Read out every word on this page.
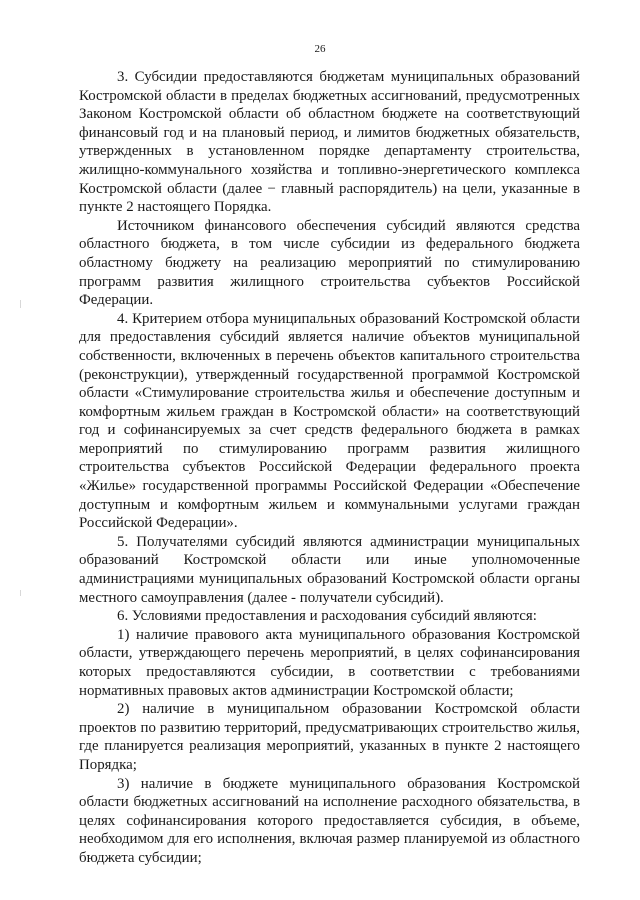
26

3. Субсидии предоставляются бюджетам муниципальных образований Костромской области в пределах бюджетных ассигнований, предусмотренных Законом Костромской области об областном бюджете на соответствующий финансовый год и на плановый период, и лимитов бюджетных обязательств, утвержденных в установленном порядке департаменту строительства, жилищно-коммунального хозяйства и топливно-энергетического комплекса Костромской области (далее − главный распорядитель) на цели, указанные в пункте 2 настоящего Порядка.

Источником финансового обеспечения субсидий являются средства областного бюджета, в том числе субсидии из федерального бюджета областному бюджету на реализацию мероприятий по стимулированию программ развития жилищного строительства субъектов Российской Федерации.

4. Критерием отбора муниципальных образований Костромской области для предоставления субсидий является наличие объектов муниципальной собственности, включенных в перечень объектов капитального строительства (реконструкции), утвержденный государственной программой Костромской области «Стимулирование строительства жилья и обеспечение доступным и комфортным жильем граждан в Костромской области» на соответствующий год и софинансируемых за счет средств федерального бюджета в рамках мероприятий по стимулированию программ развития жилищного строительства субъектов Российской Федерации федерального проекта «Жилье» государственной программы Российской Федерации «Обеспечение доступным и комфортным жильем и коммунальными услугами граждан Российской Федерации».

5. Получателями субсидий являются администрации муниципальных образований Костромской области или иные уполномоченные администрациями муниципальных образований Костромской области органы местного самоуправления (далее - получатели субсидий).

6. Условиями предоставления и расходования субсидий являются:

1) наличие правового акта муниципального образования Костромской области, утверждающего перечень мероприятий, в целях софинансирования которых предоставляются субсидии, в соответствии с требованиями нормативных правовых актов администрации Костромской области;

2) наличие в муниципальном образовании Костромской области проектов по развитию территорий, предусматривающих строительство жилья, где планируется реализация мероприятий, указанных в пункте 2 настоящего Порядка;

3) наличие в бюджете муниципального образования Костромской области бюджетных ассигнований на исполнение расходного обязательства, в целях софинансирования которого предоставляется субсидия, в объеме, необходимом для его исполнения, включая размер планируемой из областного бюджета субсидии;
